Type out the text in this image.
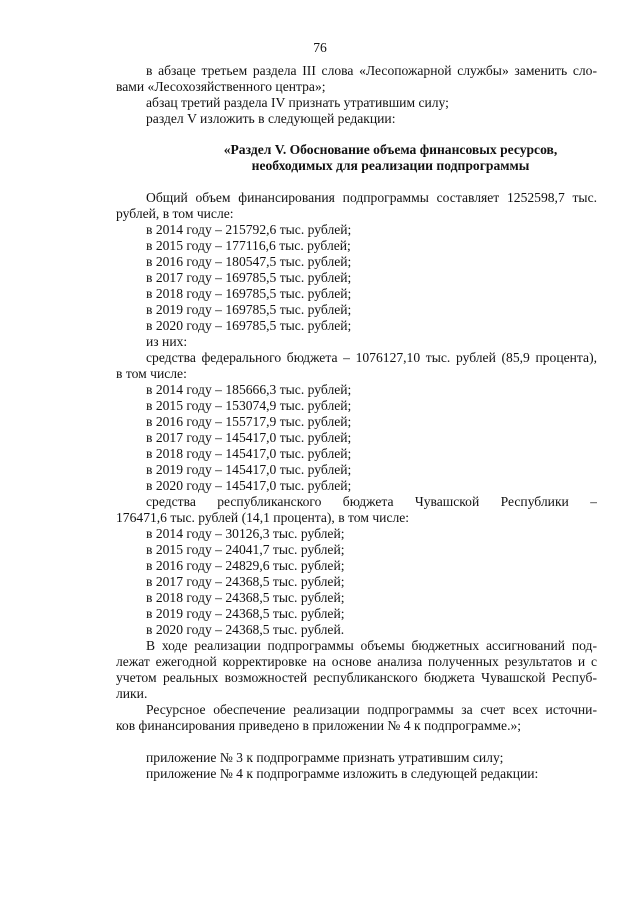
76
в абзаце третьем раздела III слова «Лесопожарной службы» заменить сло-
вами «Лесохозяйственного центра»;
абзац третий раздела IV признать утратившим силу;
раздел V изложить в следующей редакции:
«Раздел V. Обоснование объема финансовых ресурсов,
необходимых для реализации подпрограммы
Общий объем финансирования подпрограммы составляет 1252598,7 тыс.
рублей, в том числе:
в 2014 году – 215792,6 тыс. рублей;
в 2015 году – 177116,6 тыс. рублей;
в 2016 году – 180547,5 тыс. рублей;
в 2017 году – 169785,5 тыс. рублей;
в 2018 году – 169785,5 тыс. рублей;
в 2019 году – 169785,5 тыс. рублей;
в 2020 году – 169785,5 тыс. рублей;
из них:
средства федерального бюджета – 1076127,10 тыс. рублей (85,9 процента),
в том числе:
в 2014 году – 185666,3 тыс. рублей;
в 2015 году – 153074,9 тыс. рублей;
в 2016 году – 155717,9 тыс. рублей;
в 2017 году – 145417,0 тыс. рублей;
в 2018 году – 145417,0 тыс. рублей;
в 2019 году – 145417,0 тыс. рублей;
в 2020 году – 145417,0 тыс. рублей;
средства республиканского бюджета Чувашской Республики –
176471,6 тыс. рублей (14,1 процента), в том числе:
в 2014 году – 30126,3 тыс. рублей;
в 2015 году – 24041,7 тыс. рублей;
в 2016 году – 24829,6 тыс. рублей;
в 2017 году – 24368,5 тыс. рублей;
в 2018 году – 24368,5 тыс. рублей;
в 2019 году – 24368,5 тыс. рублей;
в 2020 году – 24368,5 тыс. рублей.
В ходе реализации подпрограммы объемы бюджетных ассигнований под-
лежат ежегодной корректировке на основе анализа полученных результатов и с
учетом реальных возможностей республиканского бюджета Чувашской Респуб-
лики.
Ресурсное обеспечение реализации подпрограммы за счет всех источни-
ков финансирования приведено в приложении № 4 к подпрограмме.»;
приложение № 3 к подпрограмме признать утратившим силу;
приложение № 4 к подпрограмме изложить в следующей редакции:
